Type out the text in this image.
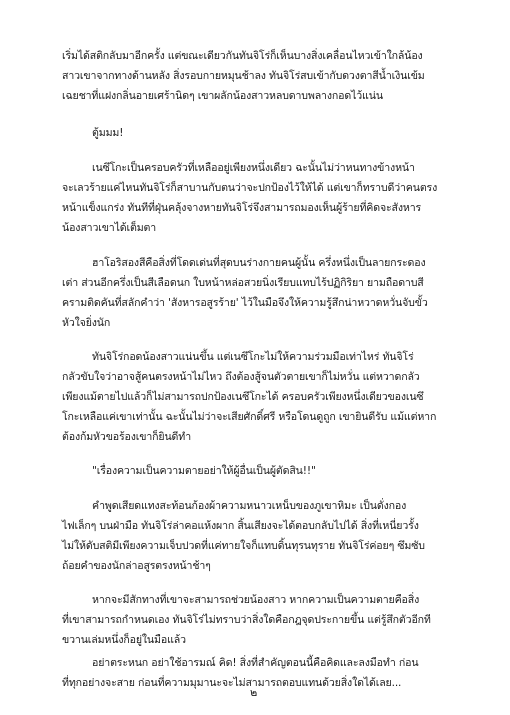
เริ่มได้สติกลับมาอีกครั้ง แต่ขณะเดียวกันทันจิโร่ก็เห็นบางสิ่งเคลื่อนไหวเข้าใกล้น้อง
สาวเขาจากทางด้านหลัง สิ่งรอบกายหมุนช้าลง ทันจิโร่สบเข้ากับดวงตาสีน้ำเงินเข้ม
เฉยชาที่แฝงกลิ่นอายเศร้านิดๆ เขาผลักน้องสาวหลบดาบพลางกอดไว้แน่น
ตู้มมม!
เนซึโกะเป็นครอบครัวที่เหลืออยู่เพียงหนึ่งเดียว ฉะนั้นไม่ว่าหนทางข้างหน้า
จะเลวร้ายแค่ไหนทันจิโร่ก็สาบานกับตนว่าจะปกป้องไว้ให้ได้ แต่เขาก็ทราบดีว่าคนตรง
หน้าแข็งแกร่ง ทันทีที่ฝุ่นคลุ้งจางหายทันจิโร่จึงสามารถมองเห็นผู้ร้ายที่คิดจะสังหาร
น้องสาวเขาได้เต็มตา
ฮาโอริสองสีคือสิ่งที่โดดเด่นที่สุดบนร่างกายคนผู้นั้น ครึ่งหนึ่งเป็นลายกระดอง
เต่า ส่วนอีกครึ่งเป็นสีเลือดนก ใบหน้าหล่อสวยนิ่งเรียบแทบไร้ปฏิกิริยา ยามถือดาบสี
ครามติดคันที่สลักคำว่า 'สังหารอสูรร้าย' ไว้ในมือจึงให้ความรู้สึกน่าหวาดหวั่นจับขั้ว
หัวใจยิ่งนัก
ทันจิโร่กอดน้องสาวแน่นขึ้น แต่เนซึโกะไม่ให้ความร่วมมือเท่าไหร่ ทันจิโร่
กลัวขับใจว่าอาจสู้คนตรงหน้าไม่ไหว ถึงต้องสู้จนตัวตายเขาก็ไม่หวั่น แต่หวาดกลัว
เพียงแม้ตายไปแล้วก็ไม่สามารถปกป้องเนซึโกะได้ ครอบครัวเพียงหนึ่งเดียวของเนซึ
โกะเหลือแค่เขาเท่านั้น ฉะนั้นไม่ว่าจะเสียศักดิ์ศรี หรือโดนดูถูก เขายินดีรับ แม้แต่หาก
ต้องก้มหัวขอร้องเขาก็ยินดีทำ
"เรื่องความเป็นความตายอย่าให้ผู้อื่นเป็นผู้ตัดสิน!!"
คำพูดเสียดแทงสะท้อนก้องผ้าความหนาวเหน็บของภูเขาหิมะ เป็นดั่งกอง
ไฟเล็กๆ บนฝ่ามือ ทันจิโร่ล่าคอแห้งผาก สิ้นเสียงจะได้ตอบกลับไปได้ สิ่งที่เหนี่ยวรั้ง
ไม่ให้ดับสติมีเพียงความเจ็บปวดที่แค่ทายใจก็แทบดิ้นทุรนทุราย ทันจิโร่ค่อยๆ ซึมซับ
ถ้อยคำของนักล่าอสูรตรงหน้าช้าๆ
หากจะมีสักทางที่เขาจะสามารถช่วยน้องสาว หากความเป็นความตายคือสิ่ง
ที่เขาสามารถกำหนดเอง ทันจิโร่ไม่ทราบว่าสิ่งใดคือกฎจุดประกายขึ้น แต่รู้สึกตัวอีกที
ขวานเล่มหนึ่งก็อยู่ในมือแล้ว
อย่าตระหนก อย่าใช้อารมณ์ คิด! สิ่งที่สำคัญตอนนี้คือคิดและลงมือทำ ก่อน
ที่ทุกอย่างจะสาย ก่อนที่ความมุมานะจะไม่สามารถตอบแทนด้วยสิ่งใดได้เลย...
๒
